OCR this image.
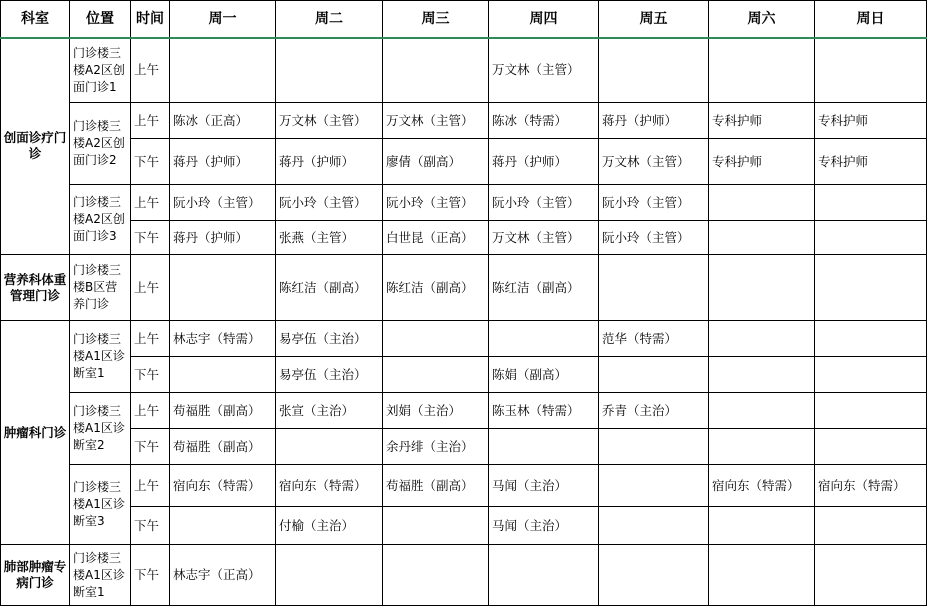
科室	位置	时间	周一	周二	周三	周四	周五	周六	周日
创面诊疗门诊	门诊楼三楼A2区创面门诊1	上午				万文林（主管）			
	门诊楼三楼A2区创面门诊2	上午	陈冰（正高）	万文林（主管）	万文林（主管）	陈冰（特需）	蒋丹（护师）	专科护师	专科护师
		下午	蒋丹（护师）	蒋丹（护师）	廖倩（副高）	蒋丹（护师）	万文林（主管）	专科护师	专科护师
	门诊楼三楼A2区创面门诊3	上午	阮小玲（主管）	阮小玲（主管）	阮小玲（主管）	阮小玲（主管）	阮小玲（主管）		
		下午	蒋丹（护师）	张燕（主管）	白世昆（正高）	万文林（主管）	阮小玲（主管）		
营养科体重管理门诊	门诊楼三楼B区营养门诊	上午		陈红洁（副高）	陈红洁（副高）	陈红洁（副高）			
肿瘤科门诊	门诊楼三楼A1区诊断室1	上午	林志宇（特需）	易亭伍（主治）			范华（特需）		
		下午		易亭伍（主治）		陈娟（副高）			
	门诊楼三楼A1区诊断室2	上午	苟福胜（副高）	张宣（主治）	刘娟（主治）	陈玉林（特需）	乔青（主治）		
		下午	苟福胜（副高）		余丹绯（主治）				
	门诊楼三楼A1区诊断室3	上午	宿向东（特需）	宿向东（特需）	苟福胜（副高）	马闻（主治）		宿向东（特需）	宿向东（特需）
		下午		付榆（主治）		马闻（主治）			
肺部肿瘤专病门诊	门诊楼三楼A1区诊断室1	下午	林志宇（正高）						
